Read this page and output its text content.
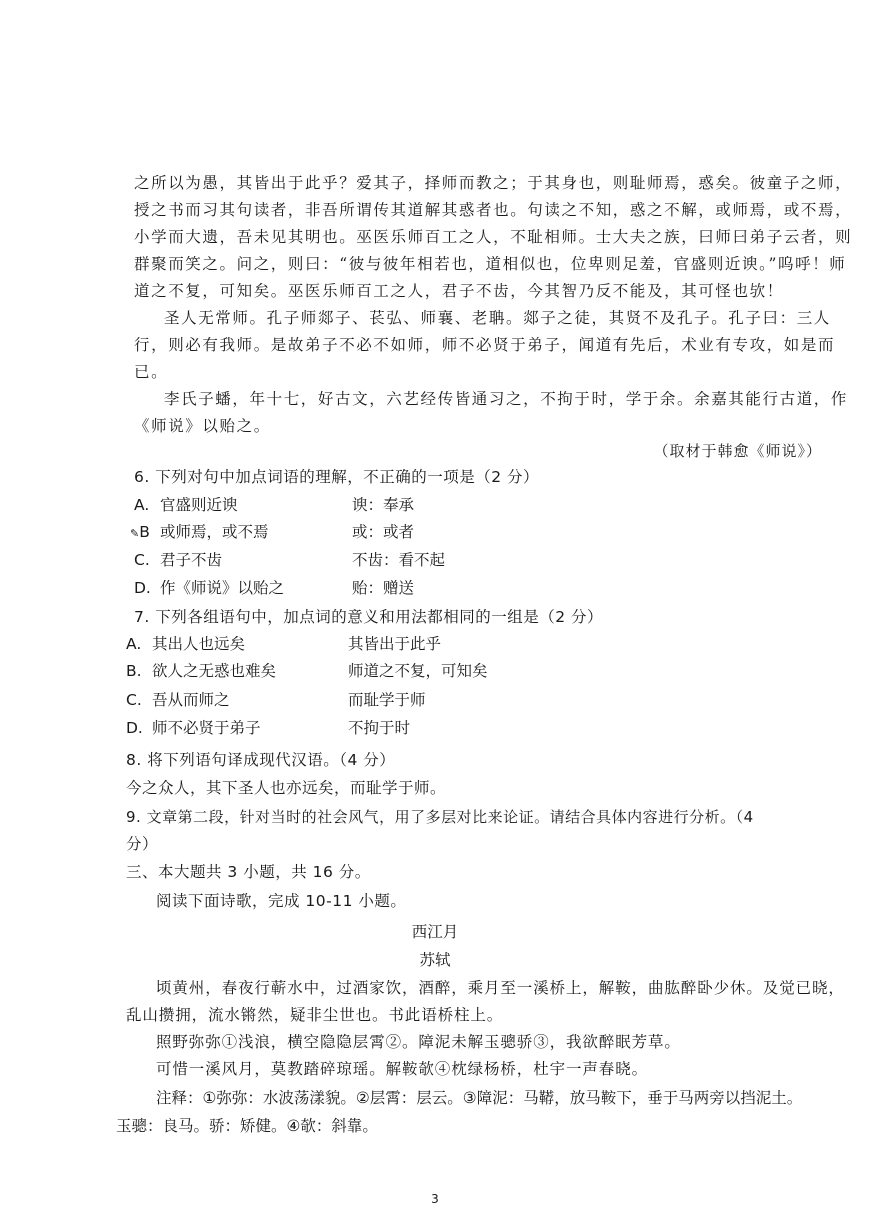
之所以为愚，其皆出于此乎？爱其子，择师而教之；于其身也，则耻师焉，惑矣。彼童子之师，
授之书而习其句读者，非吾所谓传其道解其惑者也。句读之不知，惑之不解，或师焉，或不焉，
小学而大遗，吾未见其明也。巫医乐师百工之人，不耻相师。士大夫之族，曰师曰弟子云者，则
群聚而笑之。问之，则曰：“彼与彼年相若也，道相似也，位卑则足羞，官盛则近谀。”呜呼！师
道之不复，可知矣。巫医乐师百工之人，君子不齿，今其智乃反不能及，其可怪也欤！
圣人无常师。孔子师郯子、苌弘、师襄、老聃。郯子之徒，其贤不及孔子。孔子曰：三人
行，则必有我师。是故弟子不必不如师，师不必贤于弟子，闻道有先后，术业有专攻，如是而
已。
李氏子蟠，年十七，好古文，六艺经传皆通习之，不拘于时，学于余。余嘉其能行古道，作
《师说》以贻之。
（取材于韩愈《师说》）
6. 下列对句中加点词语的理解，不正确的一项是（2 分）
A. 官盛则近谀	谀：奉承
✎B 或师焉，或不焉	或：或者
C. 君子不齿	不齿：看不起
D. 作《师说》以贻之	贻：赠送
7. 下列各组语句中，加点词的意义和用法都相同的一组是（2 分）
A. 其出人也远矣	其皆出于此乎
B. 欲人之无惑也难矣	师道之不复，可知矣
C. 吾从而师之	而耻学于师
D. 师不必贤于弟子	不拘于时
8. 将下列语句译成现代汉语。（4 分）
今之众人，其下圣人也亦远矣，而耻学于师。
9. 文章第二段，针对当时的社会风气，用了多层对比来论证。请结合具体内容进行分析。（4
分）
三、本大题共 3 小题，共 16 分。
阅读下面诗歌，完成 10-11 小题。
西江月
苏轼
顷黄州，春夜行蕲水中，过酒家饮，酒醉，乘月至一溪桥上，解鞍，曲肱醉卧少休。及觉已晓，
乱山攒拥，流水锵然，疑非尘世也。书此语桥柱上。
照野弥弥①浅浪，横空隐隐层霄②。障泥未解玉骢骄③，我欲醉眠芳草。
可惜一溪风月，莫教踏碎琼瑶。解鞍欹④枕绿杨桥，杜宇一声春晓。
注释：①弥弥：水波荡漾貌。②层霄：层云。③障泥：马鞯，放马鞍下，垂于马两旁以挡泥土。
玉骢：良马。骄：矫健。④欹：斜靠。
3
